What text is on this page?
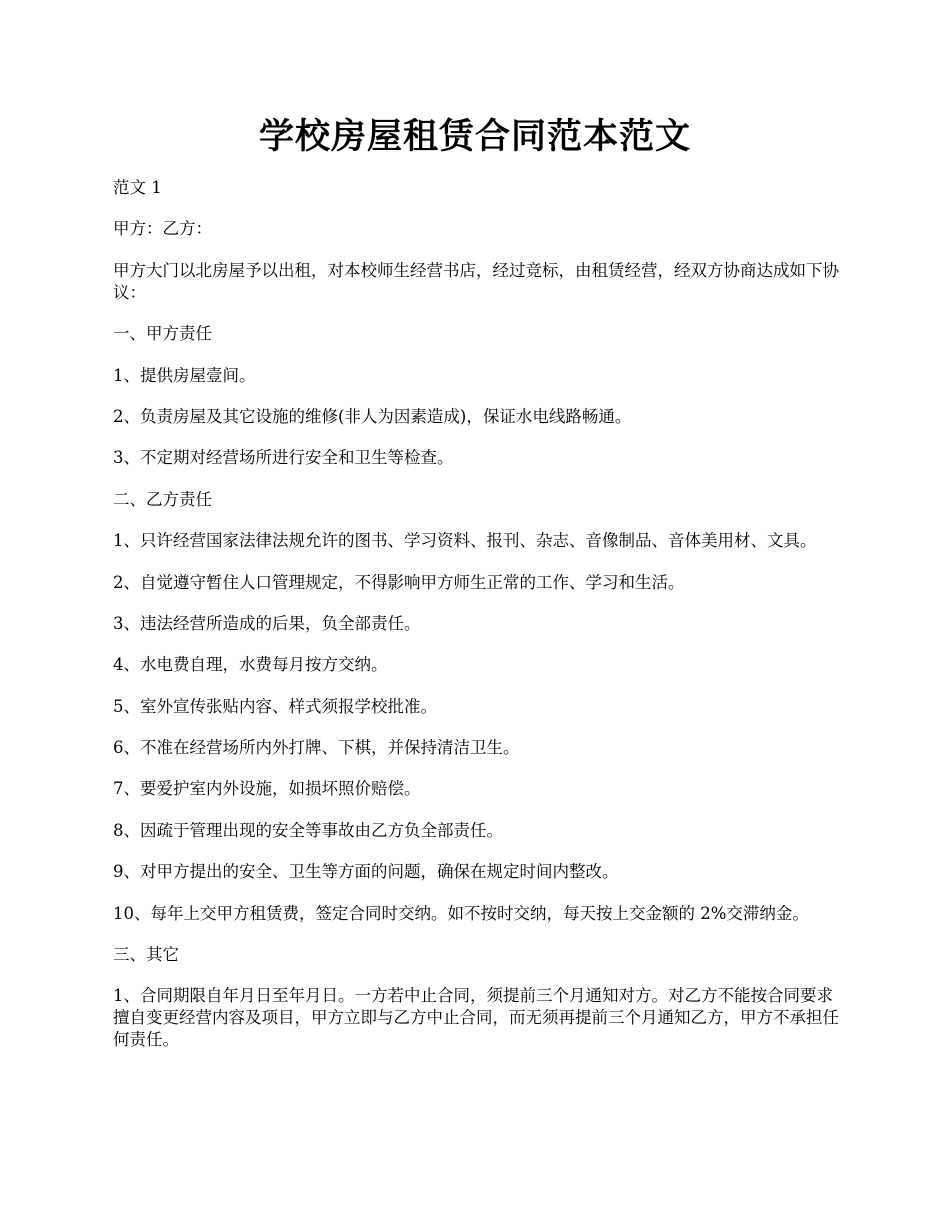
学校房屋租赁合同范本范文

范文 1

甲方：乙方：

甲方大门以北房屋予以出租，对本校师生经营书店，经过竞标，由租赁经营，经双方协商达成如下协议：

一、甲方责任

1、提供房屋壹间。

2、负责房屋及其它设施的维修(非人为因素造成)，保证水电线路畅通。

3、不定期对经营场所进行安全和卫生等检查。

二、乙方责任

1、只许经营国家法律法规允许的图书、学习资料、报刊、杂志、音像制品、音体美用材、文具。

2、自觉遵守暂住人口管理规定，不得影响甲方师生正常的工作、学习和生活。

3、违法经营所造成的后果，负全部责任。

4、水电费自理，水费每月按方交纳。

5、室外宣传张贴内容、样式须报学校批准。

6、不准在经营场所内外打牌、下棋，并保持清洁卫生。

7、要爱护室内外设施，如损坏照价赔偿。

8、因疏于管理出现的安全等事故由乙方负全部责任。

9、对甲方提出的安全、卫生等方面的问题，确保在规定时间内整改。

10、每年上交甲方租赁费，签定合同时交纳。如不按时交纳，每天按上交金额的 2%交滞纳金。

三、其它

1、合同期限自年月日至年月日。一方若中止合同，须提前三个月通知对方。对乙方不能按合同要求擅自变更经营内容及项目，甲方立即与乙方中止合同，而无须再提前三个月通知乙方，甲方不承担任何责任。
